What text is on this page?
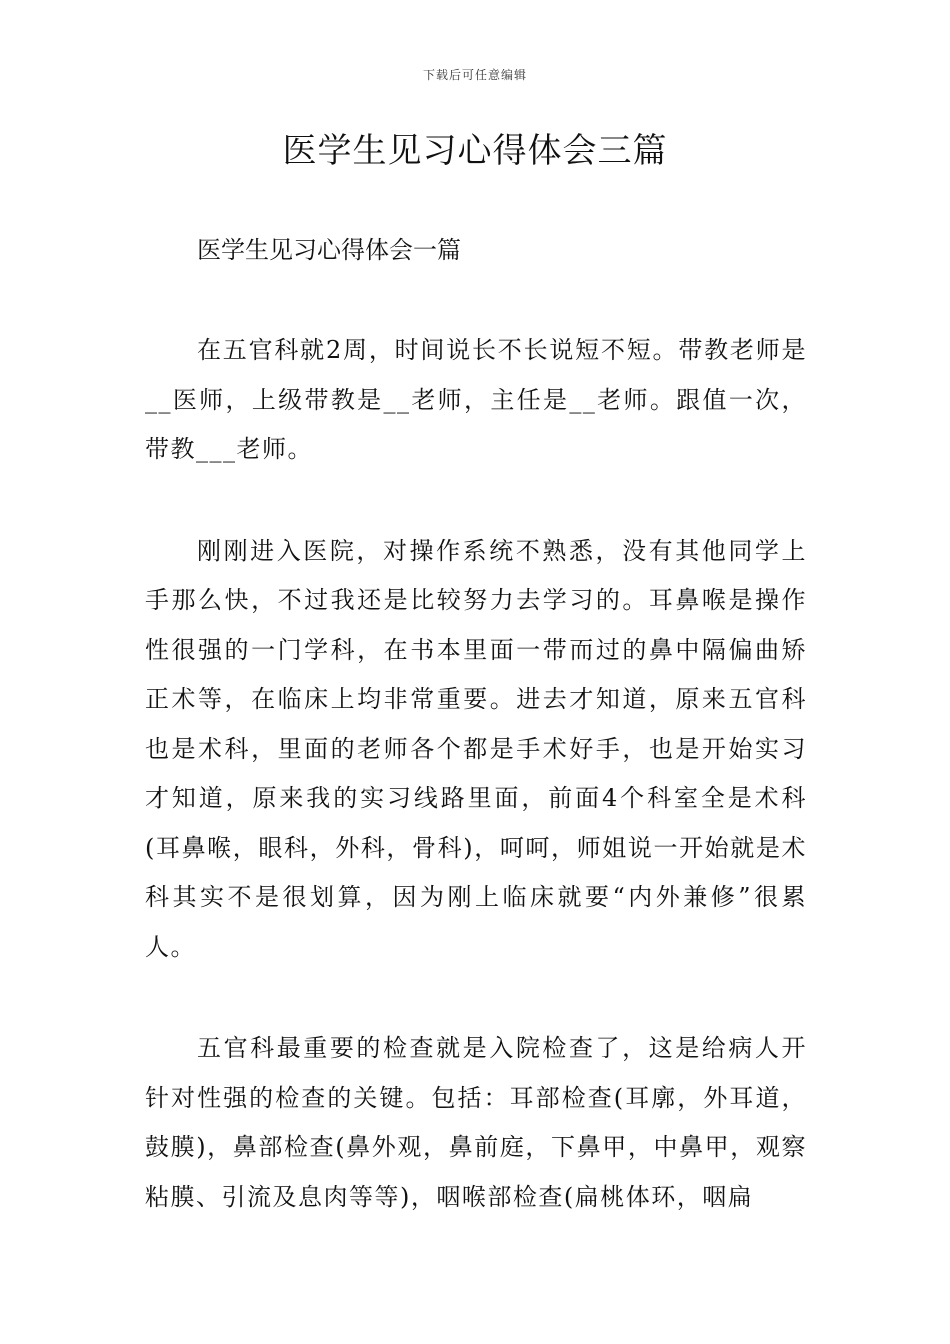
下载后可任意编辑
医学生见习心得体会三篇

医学生见习心得体会一篇

在五官科就2周，时间说长不长说短不短。带教老师是__医师，上级带教是__老师，主任是__老师。跟值一次，带教___老师。

刚刚进入医院，对操作系统不熟悉，没有其他同学上手那么快，不过我还是比较努力去学习的。耳鼻喉是操作性很强的一门学科，在书本里面一带而过的鼻中隔偏曲矫正术等，在临床上均非常重要。进去才知道，原来五官科也是术科，里面的老师各个都是手术好手，也是开始实习才知道，原来我的实习线路里面，前面4个科室全是术科(耳鼻喉，眼科，外科，骨科)，呵呵，师姐说一开始就是术科其实不是很划算，因为刚上临床就要“内外兼修”很累人。

五官科最重要的检查就是入院检查了，这是给病人开针对性强的检查的关键。包括：耳部检查(耳廓，外耳道，鼓膜)，鼻部检查(鼻外观，鼻前庭，下鼻甲，中鼻甲，观察粘膜、引流及息肉等等)，咽喉部检查(扁桃体环，咽扁
